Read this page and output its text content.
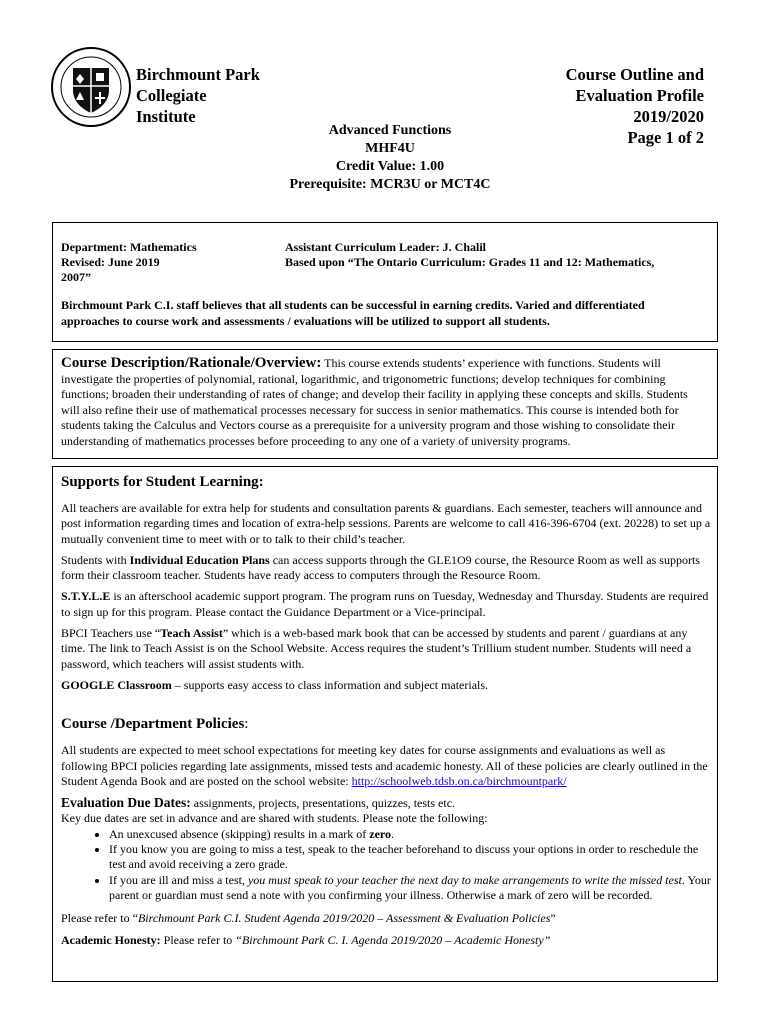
Birchmount Park
Collegiate
Institute
Course Outline and
Evaluation Profile
2019/2020
Page 1 of 2
Advanced Functions
MHF4U
Credit Value: 1.00
Prerequisite: MCR3U or MCT4C
Department: Mathematics
Revised: June 2019
2007”
Assistant Curriculum Leader: J. Chalil
Based upon “The Ontario Curriculum: Grades 11 and 12: Mathematics,
Birchmount Park C.I. staff believes that all students can be successful in earning credits. Varied and differentiated approaches to course work and assessments / evaluations will be utilized to support all students.
Course Description/Rationale/Overview: This course extends students’ experience with functions. Students will investigate the properties of polynomial, rational, logarithmic, and trigonometric functions; develop techniques for combining functions; broaden their understanding of rates of change; and develop their facility in applying these concepts and skills. Students will also refine their use of mathematical processes necessary for success in senior mathematics. This course is intended both for students taking the Calculus and Vectors course as a prerequisite for a university program and those wishing to consolidate their understanding of mathematics processes before proceeding to any one of a variety of university programs.
Supports for Student Learning:

All teachers are available for extra help for students and consultation parents & guardians. Each semester, teachers will announce and post information regarding times and location of extra-help sessions. Parents are welcome to call 416-396-6704 (ext. 20228) to set up a mutually convenient time to meet with or to talk to their child’s teacher.

Students with Individual Education Plans can access supports through the GLE1O9 course, the Resource Room as well as supports form their classroom teacher. Students have ready access to computers through the Resource Room.

S.T.Y.L.E is an afterschool academic support program. The program runs on Tuesday, Wednesday and Thursday. Students are required to sign up for this program. Please contact the Guidance Department or a Vice-principal.

BPCI Teachers use “Teach Assist” which is a web-based mark book that can be accessed by students and parent / guardians at any time. The link to Teach Assist is on the School Website. Access requires the student’s Trillium student number. Students will need a password, which teachers will assist students with.

GOOGLE Classroom – supports easy access to class information and subject materials.

Course /Department Policies:

All students are expected to meet school expectations for meeting key dates for course assignments and evaluations as well as following BPCI policies regarding late assignments, missed tests and academic honesty. All of these policies are clearly outlined in the Student Agenda Book and are posted on the school website: http://schoolweb.tdsb.on.ca/birchmountpark/

Evaluation Due Dates: assignments, projects, presentations, quizzes, tests etc.
Key due dates are set in advance and are shared with students. Please note the following:
• An unexcused absence (skipping) results in a mark of zero.
• If you know you are going to miss a test, speak to the teacher beforehand to discuss your options in order to reschedule the test and avoid receiving a zero grade.
• If you are ill and miss a test, you must speak to your teacher the next day to make arrangements to write the missed test. Your parent or guardian must send a note with you confirming your illness. Otherwise a mark of zero will be recorded.

Please refer to “Birchmount Park C.I. Student Agenda 2019/2020 – Assessment & Evaluation Policies”

Academic Honesty: Please refer to “Birchmount Park C. I. Agenda 2019/2020 – Academic Honesty”
